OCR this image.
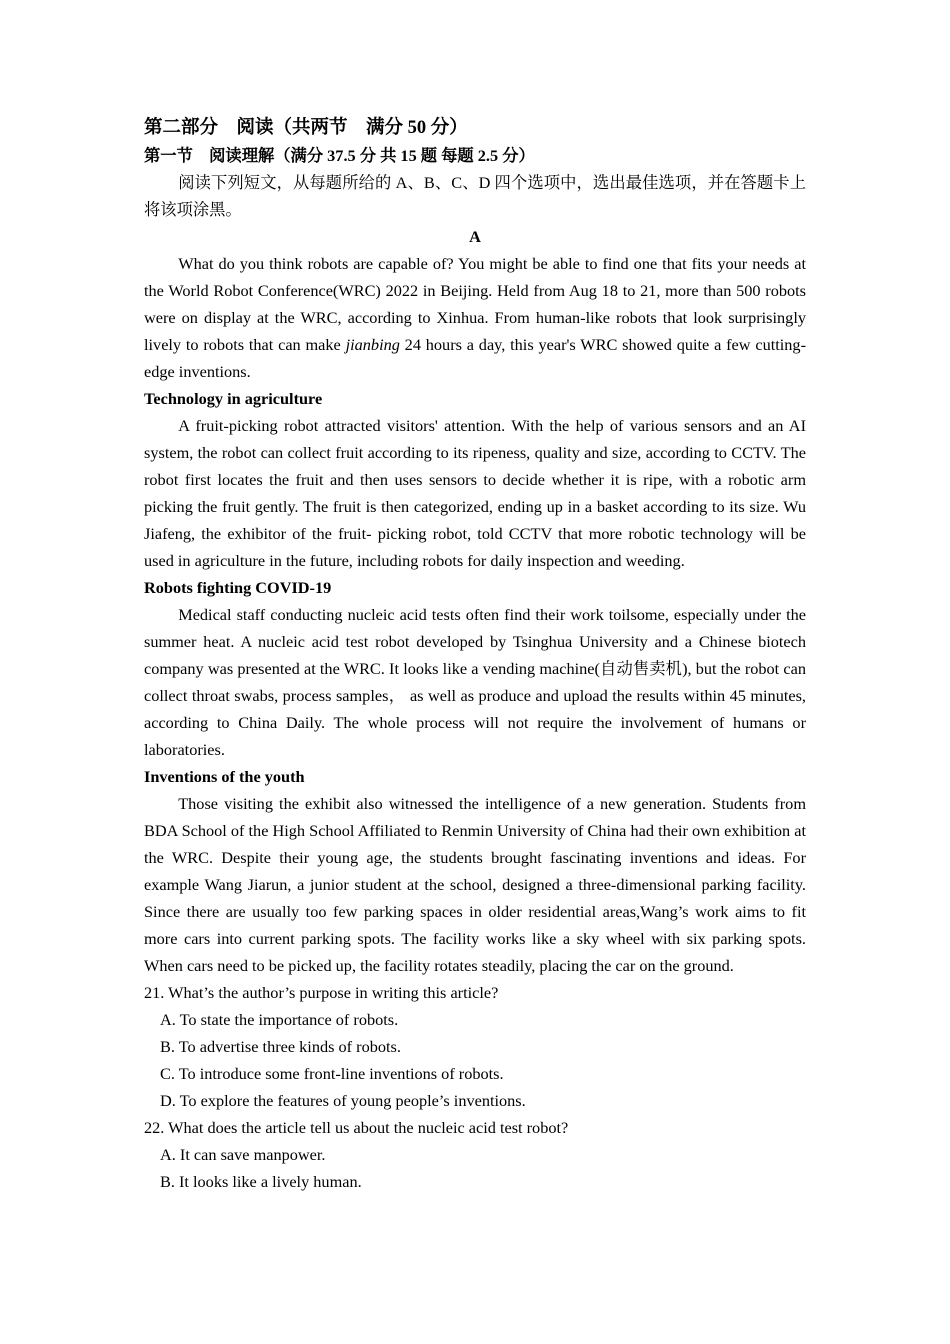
第二部分　阅读（共两节　满分 50 分）
第一节　阅读理解（满分 37.5 分 共 15 题 每题 2.5 分）

阅读下列短文，从每题所给的 A、B、C、D 四个选项中，选出最佳选项，并在答题卡上将该项涂黑。

A

What do you think robots are capable of? You might be able to find one that fits your needs at the World Robot Conference(WRC) 2022 in Beijing. Held from Aug 18 to 21, more than 500 robots were on display at the WRC, according to Xinhua. From human-like robots that look surprisingly lively to robots that can make jianbing 24 hours a day, this year's WRC showed quite a few cutting-edge inventions.

Technology in agriculture

A fruit-picking robot attracted visitors' attention. With the help of various sensors and an AI system, the robot can collect fruit according to its ripeness, quality and size, according to CCTV. The robot first locates the fruit and then uses sensors to decide whether it is ripe, with a robotic arm picking the fruit gently. The fruit is then categorized, ending up in a basket according to its size. Wu Jiafeng, the exhibitor of the fruit- picking robot, told CCTV that more robotic technology will be used in agriculture in the future, including robots for daily inspection and weeding.

Robots fighting COVID-19

Medical staff conducting nucleic acid tests often find their work toilsome, especially under the summer heat. A nucleic acid test robot developed by Tsinghua University and a Chinese biotech company was presented at the WRC. It looks like a vending machine(自动售卖机), but the robot can collect throat swabs, process samples， as well as produce and upload the results within 45 minutes, according to China Daily. The whole process will not require the involvement of humans or laboratories.

Inventions of the youth

Those visiting the exhibit also witnessed the intelligence of a new generation. Students from BDA School of the High School Affiliated to Renmin University of China had their own exhibition at the WRC. Despite their young age, the students brought fascinating inventions and ideas. For example Wang Jiarun, a junior student at the school, designed a three-dimensional parking facility. Since there are usually too few parking spaces in older residential areas,Wang’s work aims to fit more cars into current parking spots. The facility works like a sky wheel with six parking spots. When cars need to be picked up, the facility rotates steadily, placing the car on the ground.

21. What’s the author’s purpose in writing this article?

A. To state the importance of robots.

B. To advertise three kinds of robots.

C. To introduce some front-line inventions of robots.

D. To explore the features of young people’s inventions.

22. What does the article tell us about the nucleic acid test robot?

A. It can save manpower.

B. It looks like a lively human.
